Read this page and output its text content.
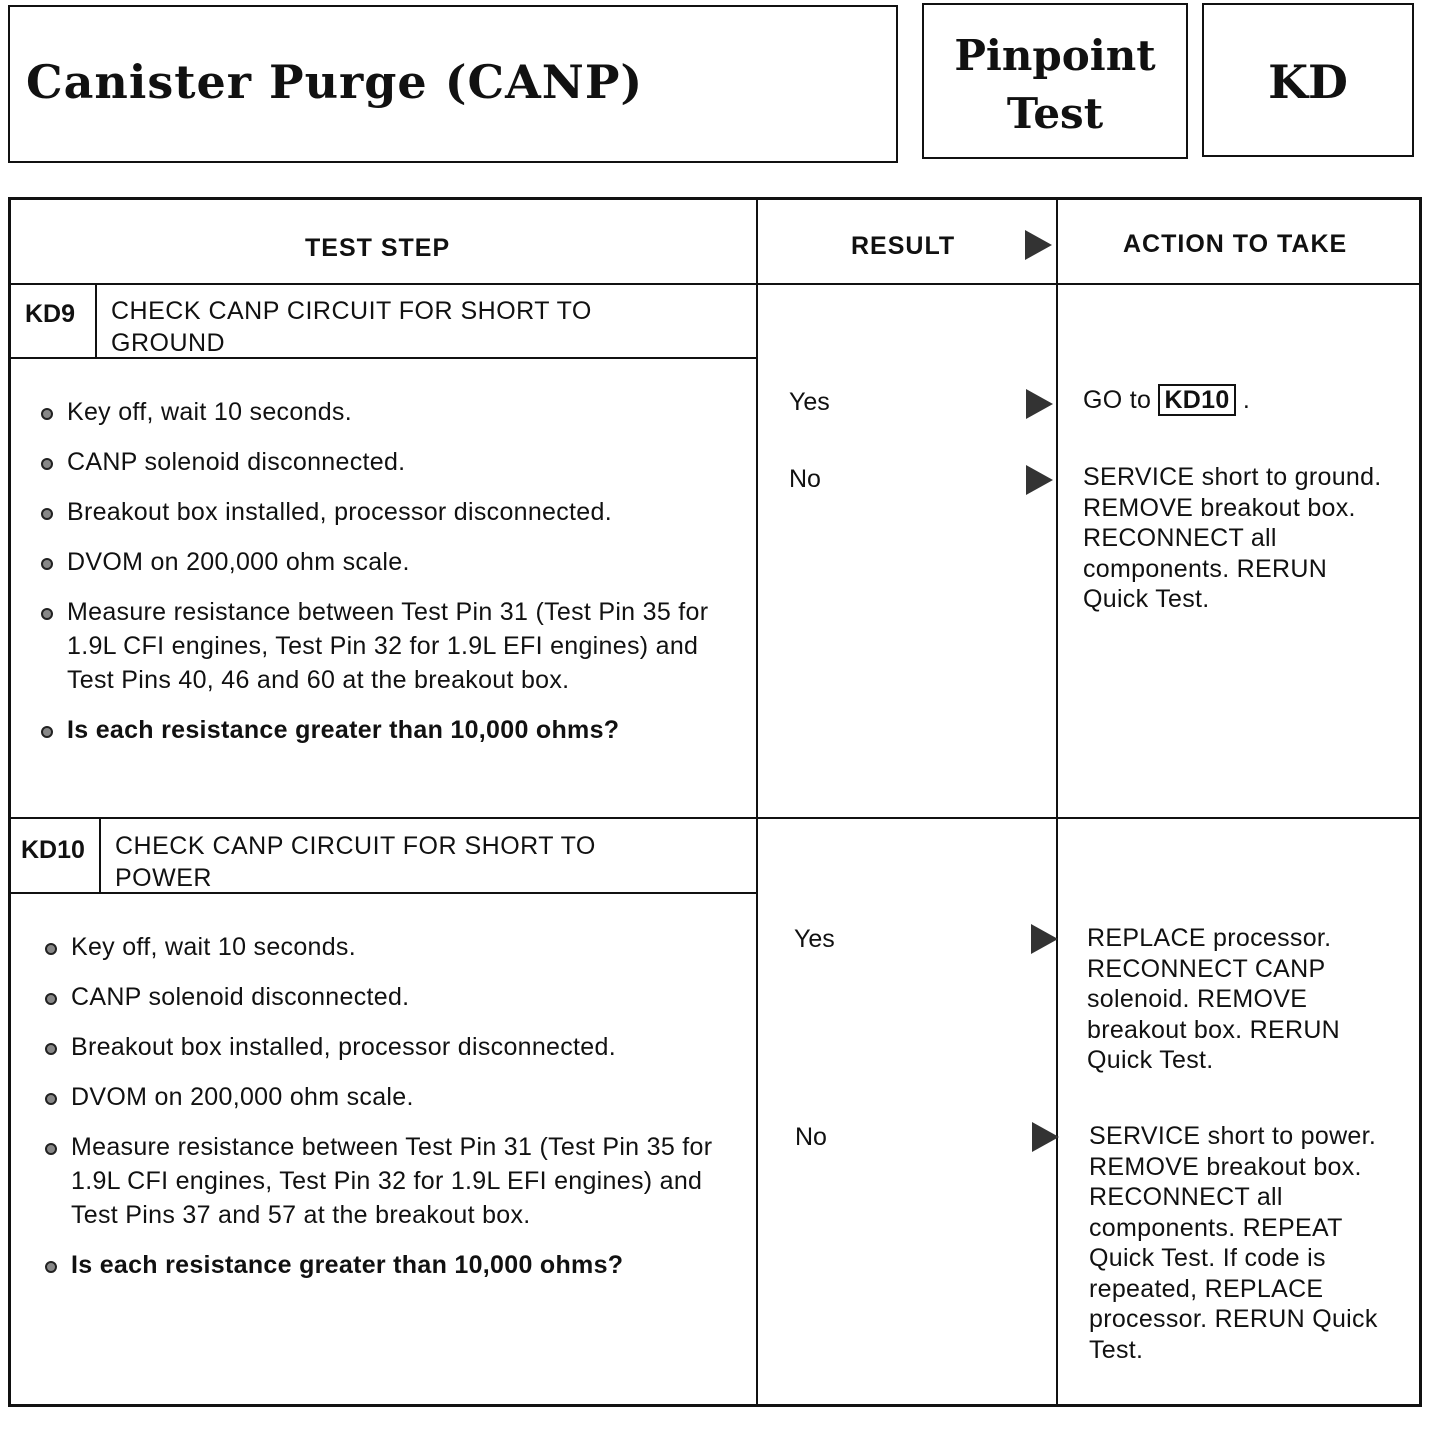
Canister Purge (CANP)	Pinpoint
Test
KD
TEST STEP	RESULT	ACTION TO TAKE
KD9 CHECK CANP CIRCUIT FOR SHORT TO GROUND
Key off, wait 10 seconds.
CANP solenoid disconnected.
Breakout box installed, processor disconnected.
DVOM on 200,000 ohm scale.
Measure resistance between Test Pin 31 (Test Pin 35 for 1.9L CFI engines, Test Pin 32 for 1.9L EFI engines) and Test Pins 40, 46 and 60 at the breakout box.
Is each resistance greater than 10,000 ohms?
Yes	GO to KD10 .
No	SERVICE short to ground. REMOVE breakout box. RECONNECT all components. RERUN Quick Test.
KD10 CHECK CANP CIRCUIT FOR SHORT TO POWER
Key off, wait 10 seconds.
CANP solenoid disconnected.
Breakout box installed, processor disconnected.
DVOM on 200,000 ohm scale.
Measure resistance between Test Pin 31 (Test Pin 35 for 1.9L CFI engines, Test Pin 32 for 1.9L EFI engines) and Test Pins 37 and 57 at the breakout box.
Is each resistance greater than 10,000 ohms?
Yes	REPLACE processor. RECONNECT CANP solenoid. REMOVE breakout box. RERUN Quick Test.
No	SERVICE short to power. REMOVE breakout box. RECONNECT all components. REPEAT Quick Test. If code is repeated, REPLACE processor. RERUN Quick Test.
